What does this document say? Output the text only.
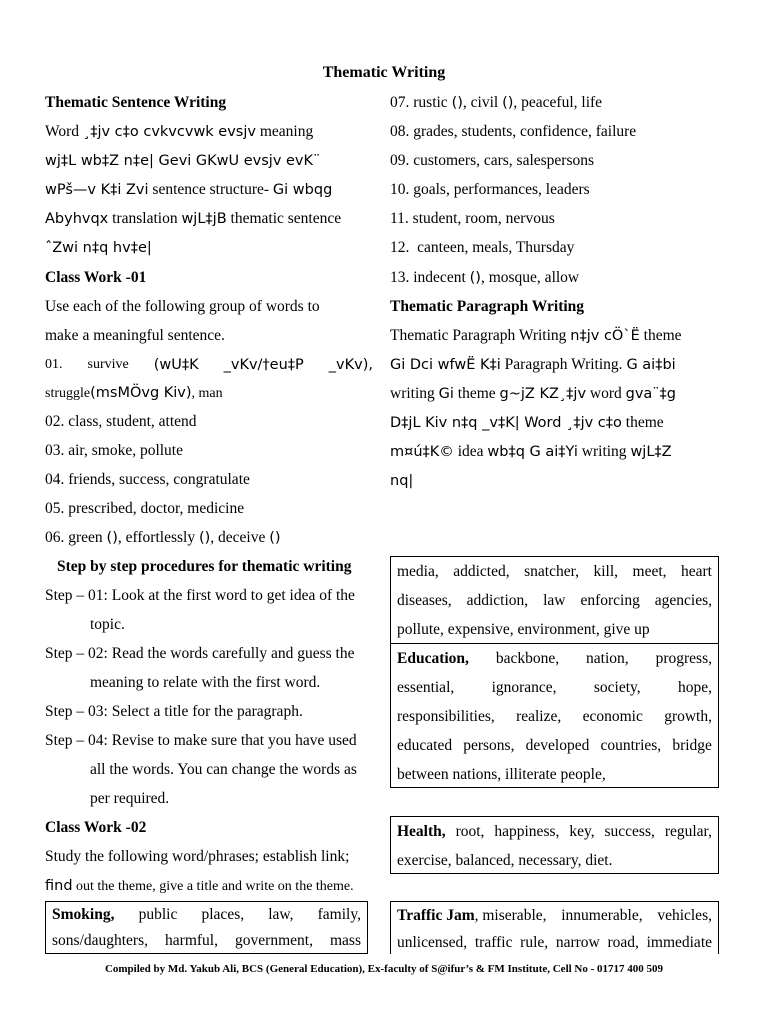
Thematic Writing
Thematic Sentence Writing
Word ¸‡jv c‡o cvkvcvwk evsjv meaning
wj‡L wb‡Z n‡e| Gevi GKwU evsjv evK¨
wPš—v K‡i Zvi sentence structure- Gi wbqg
Abyhvqx translation wjL‡jB thematic sentence
ˆZwi n‡q hv‡e|
Class Work -01
Use each of the following group of words to
make a meaningful sentence.
01. survive (wU‡K _vKv/†eu‡P _vKv),
struggle(msMÖvg Kiv), man
02. class, student, attend
03. air, smoke, pollute
04. friends, success, congratulate
05. prescribed, doctor, medicine
06. green (), effortlessly (), deceive ()
Step by step procedures for thematic writing
Step – 01: Look at the first word to get idea of the
topic.
Step – 02: Read the words carefully and guess the
meaning to relate with the first word.
Step – 03: Select a title for the paragraph.
Step – 04: Revise to make sure that you have used
all the words. You can change the words as
per required.
Class Work -02
Study the following word/phrases; establish link;
find out the theme, give a title and write on the theme.

Smoking, public places, law, family,

sons/daughters, harmful, government, mass

07. rustic (), civil (), peaceful, life
08. grades, students, confidence, failure
09. customers, cars, salespersons
10. goals, performances, leaders
11. student, room, nervous
12.  canteen, meals, Thursday
13. indecent (), mosque, allow
Thematic Paragraph Writing
Thematic Paragraph Writing n‡jv cÖ`Ë theme
Gi Dci wfwË K‡i Paragraph Writing. G ai‡bi
writing Gi theme g~jZ KZ¸‡jv word gva¨‡g
D‡jL Kiv n‡q _v‡K| Word ¸‡jv c‡o theme
m¤ú‡K© idea wb‡q G ai‡Yi writing wjL‡Z
nq|

media, addicted, snatcher, kill, meet, heart

diseases, addiction, law enforcing agencies,

pollute, expensive, environment, give up

Education, backbone, nation, progress,

essential, ignorance, society, hope,

responsibilities, realize, economic growth,

educated persons, developed countries, bridge

between nations, illiterate people,

Health, root, happiness, key, success, regular,

exercise, balanced, necessary, diet.

Traffic Jam, miserable, innumerable, vehicles,

unlicensed, traffic rule, narrow road, immediate

Compiled by Md. Yakub Ali, BCS (General Education), Ex-faculty of S@ifur’s & FM Institute, Cell No - 01717 400 509
